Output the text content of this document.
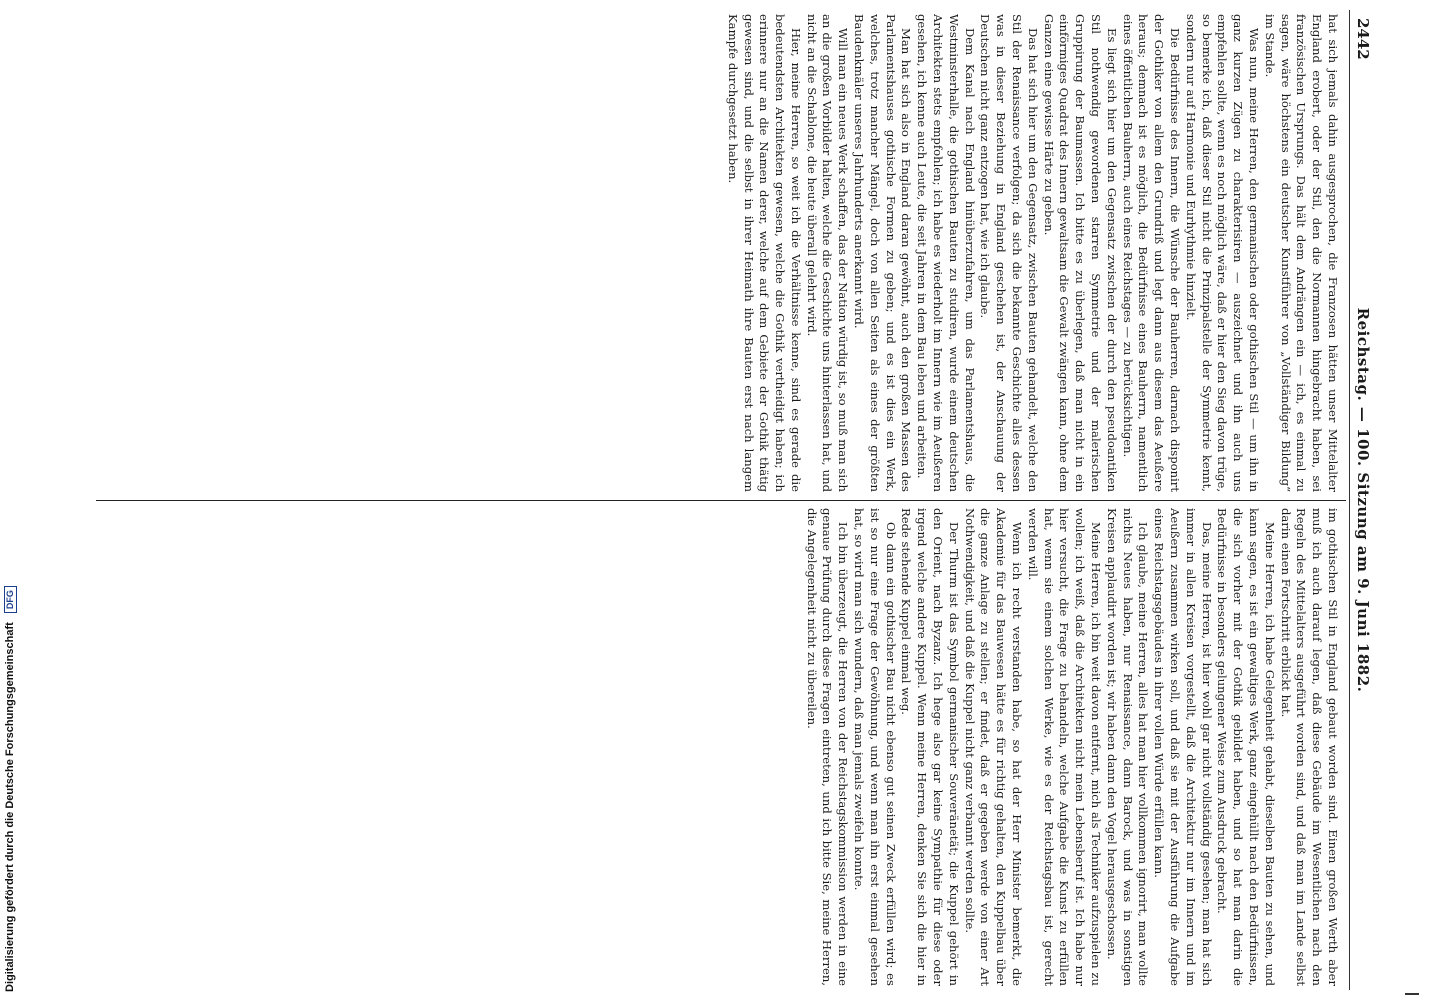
2442
Reichstag. — 100. Sitzung am 9. Juni 1882.

hat sich jemals dahin ausgesprochen, die Franzosen hätten unser Mittelalter England erobert, oder der Stil, den die Normannen hingebracht haben, sei französischen Ursprungs. Das hält dem Andrängen ein — ich, es einmal zu sagen, wäre höchstens ein deutscher Kunstführer von „Vollständiger Bildung“ im Stande.

Was nun, meine Herren, den germanischen oder gothischen Stil — um ihn in ganz kurzen Zügen zu charakterisiren — auszeichnet und ihn auch uns empfehlen sollte, wenn es noch möglich wäre, daß er hier den Sieg davon trüge, so bemerke ich, daß dieser Stil nicht die Prinzipalstelle der Symmetrie kennt, sondern nur auf Harmonie und Eurhythmie hinzielt.

Die Bedürfnisse des Innern, die Wünsche der Bauherren, darnach disponirt der Gothiker von allem den Grundriß und legt dann aus diesem das Aeußere heraus; demnach ist es möglich, die Bedürfnisse eines Bauherrn, namentlich eines öffentlichen Bauherrn, auch eines Reichstages — zu berücksichtigen.

Es liegt sich hier um den Gegensatz zwischen der durch den pseudoantiken Stil nothwendig gewordenen starren Symmetrie und der malerischen Gruppirung der Baumassen. Ich bitte es zu überlegen, daß man nicht in ein einförmiges Quadrat des Innern gewaltsam die Gewalt zwängen kann, ohne dem Ganzen eine gewisse Härte zu geben.

Das hat sich hier um den Gegensatz, zwischen Bauten gehandelt, welche den Stil der Renaissance verfolgen; da sich die bekannte Geschichte alles dessen was in dieser Beziehung in England geschehen ist, der Anschauung der Deutschen nicht ganz entzogen hat, wie ich glaube.

Dem Kanal nach England hinüberzufahren, um das Parlamentshaus, die Westminsterhalle, die gothischen Bauten zu studiren, wurde einem deutschen Architekten stets empfohlen; ich habe es wiederholt im Innern wie im Aeußeren gesehen, ich kenne auch Leute, die seit Jahren in dem Bau leben und arbeiten.

Man hat sich also in England daran gewöhnt, auch den großen Massen des Parlamentshauses gothische Formen zu geben; und es ist dies ein Werk, welches, trotz mancher Mängel, doch von allen Seiten als eines der größten Baudenkmäler unseres Jahrhunderts anerkannt wird.

Will man ein neues Werk schaffen, das der Nation würdig ist, so muß man sich an die großen Vorbilder halten, welche die Geschichte uns hinterlassen hat, und nicht an die Schablone, die heute überall gelehrt wird.

Hier, meine Herren, so weit ich die Verhältnisse kenne, sind es gerade die bedeutendsten Architekten gewesen, welche die Gothik vertheidigt haben; ich erinnere nur an die Namen derer, welche auf dem Gebiete der Gothik thätig gewesen sind, und die selbst in ihrer Heimath ihre Bauten erst nach langem Kampfe durchgesetzt haben.

im gothischen Stil in England gebaut worden sind. Einen großen Werth aber muß ich auch darauf legen, daß diese Gebäude im Wesentlichen nach den Regeln des Mittelalters ausgeführt worden sind, und daß man im Lande selbst darin einen Fortschritt erblickt hat.

Meine Herren, ich habe Gelegenheit gehabt, dieselben Bauten zu sehen, und kann sagen, es ist ein gewaltiges Werk, ganz eingehüllt nach den Bedürfnissen, die sich vorher mit der Gothik gebildet haben, und so hat man darin die Bedürfnisse in besonders gelungener Weise zum Ausdruck gebracht.

Das, meine Herren, ist hier wohl gar nicht vollständig gesehen; man hat sich immer in allen Kreisen vorgestellt, daß die Architektur nur im Innern und im Aeußern zusammen wirken soll, und daß sie mit der Ausführung die Aufgabe eines Reichstagsgebäudes in ihrer vollen Würde erfüllen kann.

Ich glaube, meine Herren, alles hat man hier vollkommen ignorirt, man wollte nichts Neues haben, nur Renaissance, dann Barock, und was in sonstigen Kreisen applaudirt worden ist; wir haben dann den Vogel herausgeschossen.

Meine Herren, ich bin weit davon entfernt, mich als Techniker aufzuspielen zu wollen; ich weiß, daß die Architekten nicht mein Lebensberuf ist. Ich habe nur hier versucht, die Frage zu behandeln, welche Aufgabe die Kunst zu erfüllen hat, wenn sie einem solchen Werke, wie es der Reichstagsbau ist, gerecht werden will.

Wenn ich recht verstanden habe, so hat der Herr Minister bemerkt, die Akademie für das Bauwesen hätte es für richtig gehalten, den Kuppelbau über die ganze Anlage zu stellen; er findet, daß er gegeben werde von einer Art Nothwendigkeit, und daß die Kuppel nicht ganz verbannt werden sollte.

Der Thurm ist das Symbol germanischer Souveränetät; die Kuppel gehört in den Orient, nach Byzanz. Ich hege also gar keine Sympathie für diese oder irgend welche andere Kuppel. Wenn meine Herren, denken Sie sich die hier in Rede stehende Kuppel einmal weg.

Ob dann ein gothischer Bau nicht ebenso gut seinen Zweck erfüllen wird; es ist so nur eine Frage der Gewöhnung, und wenn man ihn erst einmal gesehen hat, so wird man sich wundern, daß man jemals zweifeln konnte.

Ich bin überzeugt, die Herren von der Reichstagskommission werden in eine genaue Prüfung durch diese Fragen eintreten, und ich bitte Sie, meine Herren, die Angelegenheit nicht zu übereilen.

Digitalisierung gefördert durch die Deutsche Forschungsgemeinschaft DFG
